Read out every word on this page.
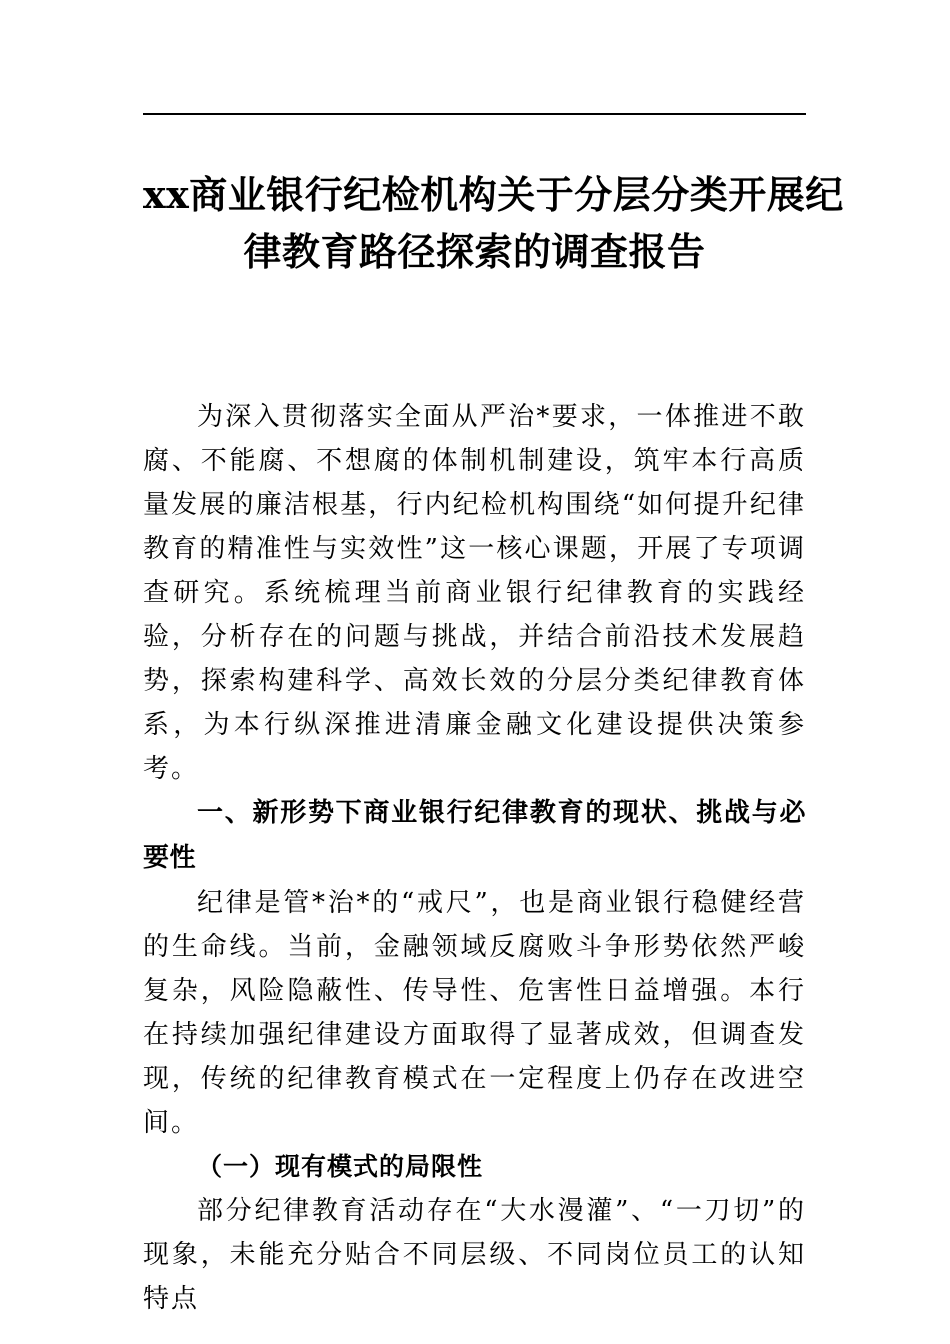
xx商业银行纪检机构关于分层分类开展纪
律教育路径探索的调查报告

为深入贯彻落实全面从严治*要求，一体推进不敢腐、不能腐、不想腐的体制机制建设，筑牢本行高质量发展的廉洁根基，行内纪检机构围绕“如何提升纪律教育的精准性与实效性”这一核心课题，开展了专项调查研究。系统梳理当前商业银行纪律教育的实践经验，分析存在的问题与挑战，并结合前沿技术发展趋势，探索构建科学、高效长效的分层分类纪律教育体系，为本行纵深推进清廉金融文化建设提供决策参考。

一、新形势下商业银行纪律教育的现状、挑战与必要性

纪律是管*治*的“戒尺”，也是商业银行稳健经营的生命线。当前，金融领域反腐败斗争形势依然严峻复杂，风险隐蔽性、传导性、危害性日益增强。本行在持续加强纪律建设方面取得了显著成效，但调查发现，传统的纪律教育模式在一定程度上仍存在改进空间。

（一）现有模式的局限性

部分纪律教育活动存在“大水漫灌”、“一刀切”的现象，未能充分贴合不同层级、不同岗位员工的认知特点
